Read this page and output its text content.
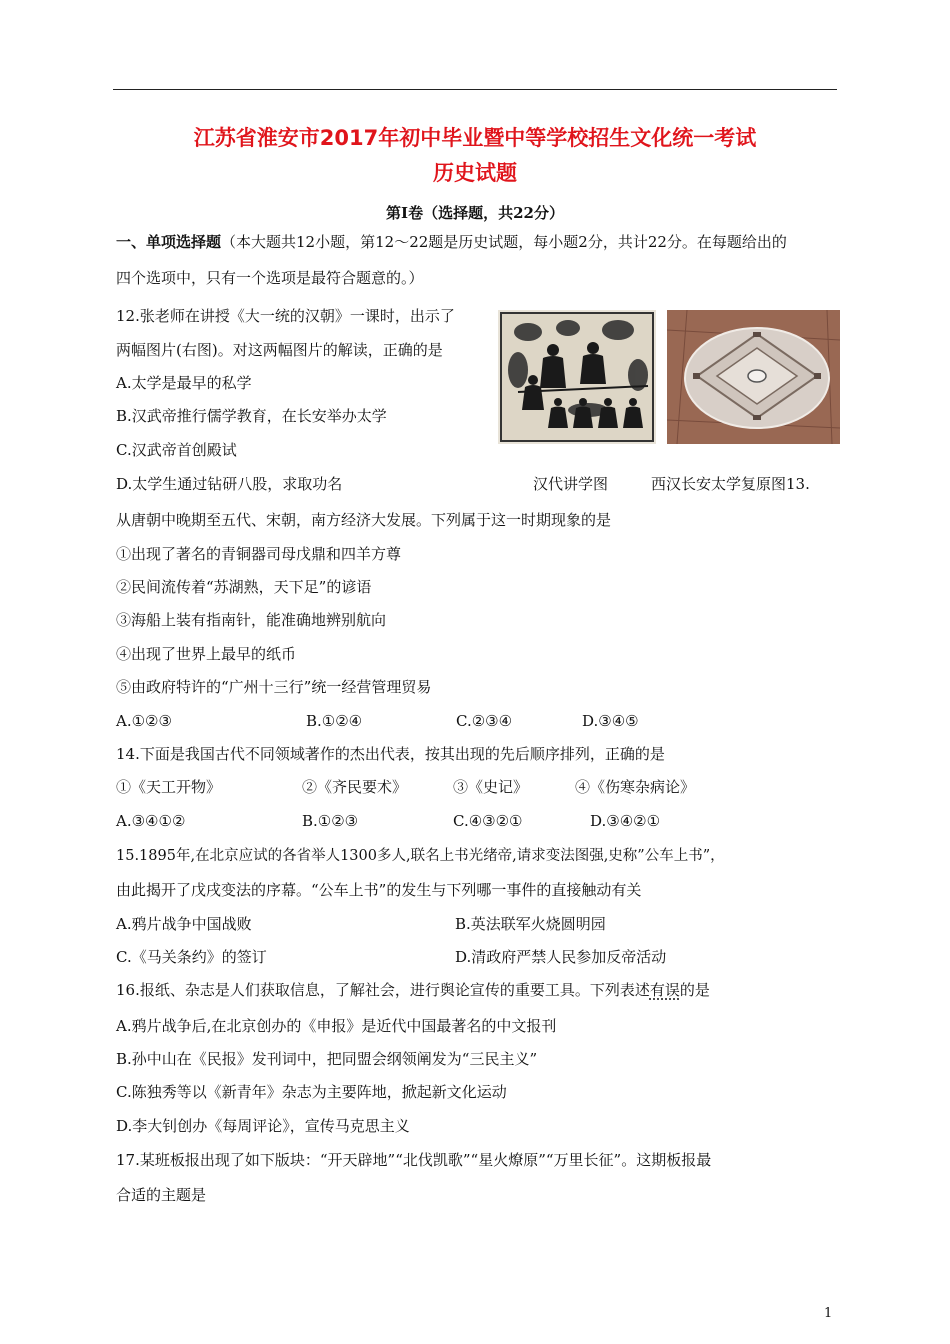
江苏省淮安市2017年初中毕业暨中等学校招生文化统一考试
历史试题
第Ⅰ卷（选择题，共22分）
一、单项选择题（本大题共12小题，第12～22题是历史试题，每小题2分，共计22分。在每题给出的
四个选项中，只有一个选项是最符合题意的。）
12.张老师在讲授《大一统的汉朝》一课时，出示了
两幅图片(右图)。对这两幅图片的解读，正确的是
A.太学是最早的私学
B.汉武帝推行儒学教育，在长安举办太学
C.汉武帝首创殿试
D.太学生通过钻研八股，求取功名	汉代讲学图	西汉长安太学复原图13.
从唐朝中晚期至五代、宋朝，南方经济大发展。下列属于这一时期现象的是
①出现了著名的青铜器司母戊鼎和四羊方尊
②民间流传着“苏湖熟，天下足”的谚语
③海船上装有指南针，能准确地辨别航向
④出现了世界上最早的纸币
⑤由政府特许的“广州十三行”统一经营管理贸易
A.①②③	B.①②④	C.②③④	D.③④⑤
14.下面是我国古代不同领域著作的杰出代表，按其出现的先后顺序排列，正确的是
①《天工开物》	②《齐民要术》	③《史记》	④《伤寒杂病论》
A.③④①②	B.①②③	C.④③②①	D.③④②①
15.1895年,在北京应试的各省举人1300多人,联名上书光绪帝,请求变法图强,史称”公车上书”，
由此揭开了戊戌变法的序幕。“公车上书”的发生与下列哪一事件的直接触动有关
A.鸦片战争中国战败	B.英法联军火烧圆明园
C.《马关条约》的签订	D.清政府严禁人民参加反帝活动
16.报纸、杂志是人们获取信息，了解社会，进行舆论宣传的重要工具。下列表述有误的是
A.鸦片战争后,在北京创办的《申报》是近代中国最著名的中文报刊
B.孙中山在《民报》发刊词中，把同盟会纲领阐发为“三民主义”
C.陈独秀等以《新青年》杂志为主要阵地，掀起新文化运动
D.李大钊创办《每周评论》，宣传马克思主义
17.某班板报出现了如下版块：“开天辟地”“北伐凯歌”“星火燎原”“万里长征”。这期板报最
合适的主题是
1
